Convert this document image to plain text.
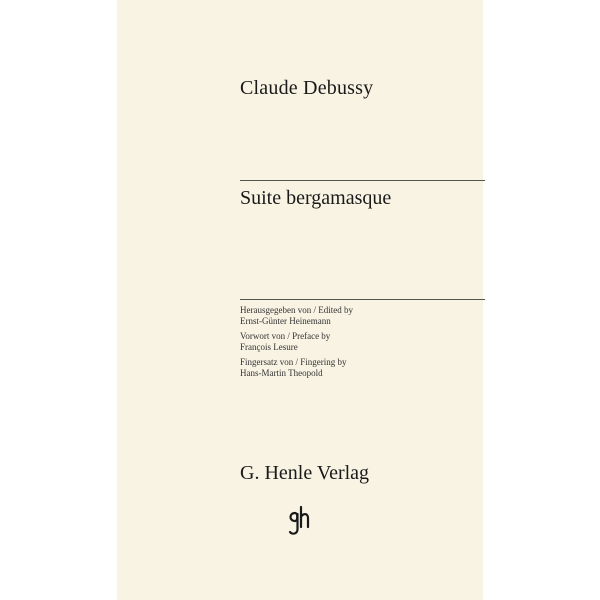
Claude Debussy
Suite bergamasque
Herausgegeben von / Edited by
Ernst-Günter Heinemann
Vorwort von / Preface by
François Lesure
Fingersatz von / Fingering by
Hans-Martin Theopold
G. Henle Verlag
